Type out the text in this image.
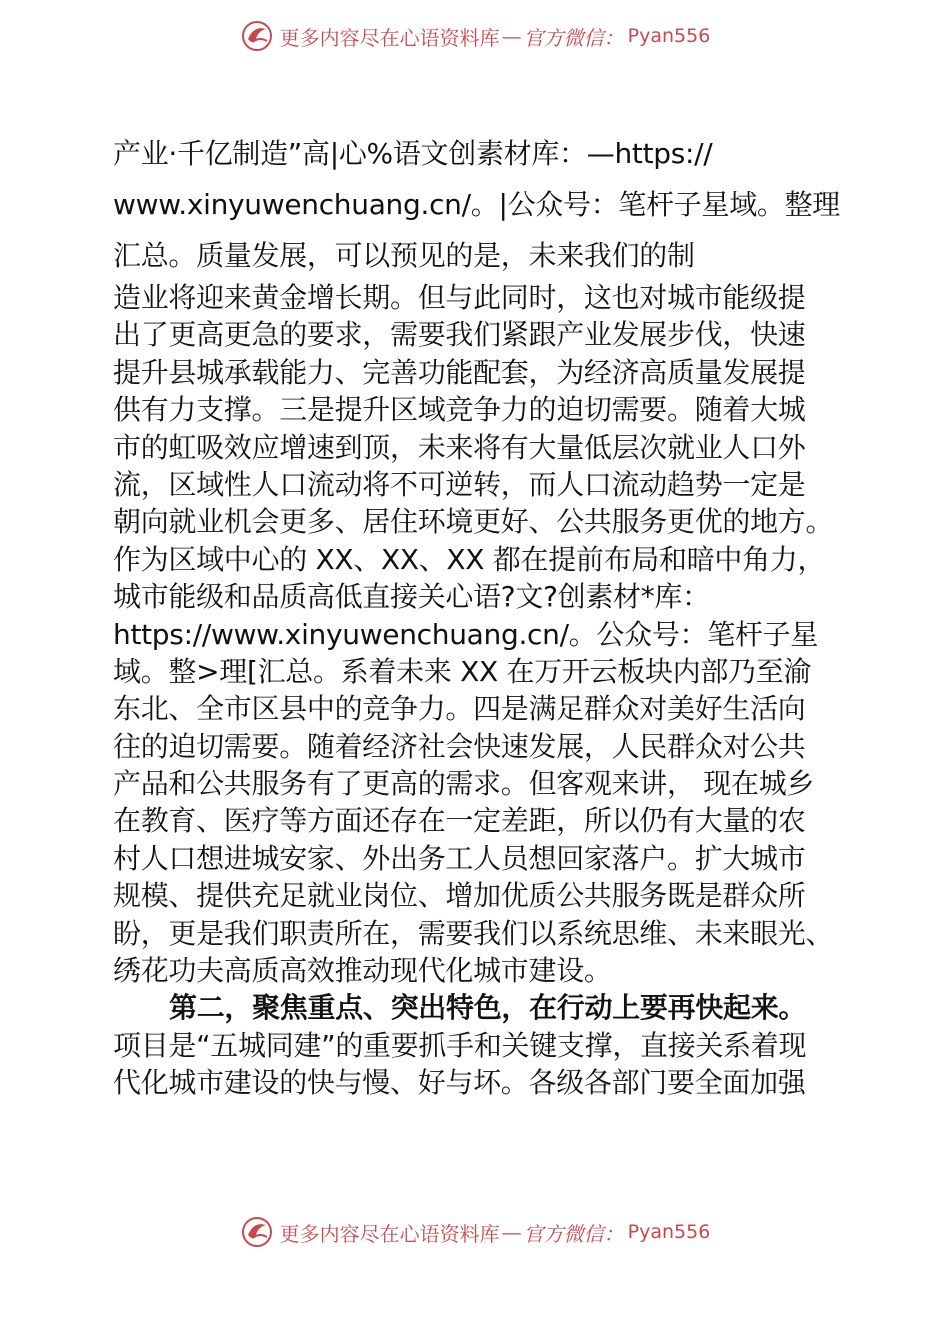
更多内容尽在心语资料库 — 官方微信： Pyan556
产业·千亿制造”高|心%语文创素材库：—https://
www.xinyuwenchuang.cn/。|公众号：笔杆子星域。整理
汇总。质量发展，可以预见的是，未来我们的制
造业将迎来黄金增长期。但与此同时，这也对城市能级提
出了更高更急的要求，需要我们紧跟产业发展步伐，快速
提升县城承载能力、完善功能配套，为经济高质量发展提
供有力支撑。三是提升区域竞争力的迫切需要。随着大城
市的虹吸效应增速到顶，未来将有大量低层次就业人口外
流，区域性人口流动将不可逆转，而人口流动趋势一定是
朝向就业机会更多、居住环境更好、公共服务更优的地方。
作为区域中心的 XX、XX、XX 都在提前布局和暗中角力，
城市能级和品质高低直接关心语?文?创素材*库：
https://www.xinyuwenchuang.cn/。公众号：笔杆子星
域。整>理[汇总。系着未来 XX 在万开云板块内部乃至渝
东北、全市区县中的竞争力。四是满足群众对美好生活向
往的迫切需要。随着经济社会快速发展，人民群众对公共
产品和公共服务有了更高的需求。但客观来讲， 现在城乡
在教育、医疗等方面还存在一定差距，所以仍有大量的农
村人口想进城安家、外出务工人员想回家落户。扩大城市
规模、提供充足就业岗位、增加优质公共服务既是群众所
盼，更是我们职责所在，需要我们以系统思维、未来眼光、
绣花功夫高质高效推动现代化城市建设。
第二，聚焦重点、突出特色，在行动上要再快起来。
项目是“五城同建”的重要抓手和关键支撑，直接关系着现
代化城市建设的快与慢、好与坏。各级各部门要全面加强
更多内容尽在心语资料库 — 官方微信： Pyan556
